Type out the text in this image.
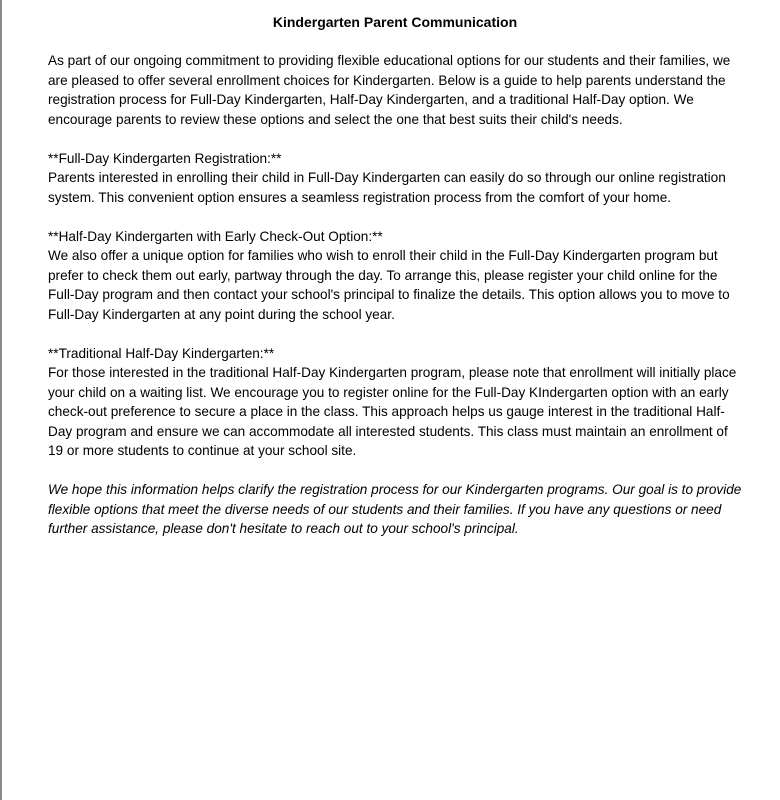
Kindergarten Parent Communication

As part of our ongoing commitment to providing flexible educational options for our students and their families, we are pleased to offer several enrollment choices for Kindergarten. Below is a guide to help parents understand the registration process for Full-Day Kindergarten, Half-Day Kindergarten, and a traditional Half-Day option. We encourage parents to review these options and select the one that best suits their child's needs.

**Full-Day Kindergarten Registration:**
Parents interested in enrolling their child in Full-Day Kindergarten can easily do so through our online registration system. This convenient option ensures a seamless registration process from the comfort of your home.
**Half-Day Kindergarten with Early Check-Out Option:**
We also offer a unique option for families who wish to enroll their child in the Full-Day Kindergarten program but prefer to check them out early, partway through the day. To arrange this, please register your child online for the Full-Day program and then contact your school's principal to finalize the details. This option allows you to move to Full-Day Kindergarten at any point during the school year.
**Traditional Half-Day Kindergarten:**
For those interested in the traditional Half-Day Kindergarten program, please note that enrollment will initially place your child on a waiting list. We encourage you to register online for the Full-Day KIndergarten option with an early check-out preference to secure a place in the class. This approach helps us gauge interest in the traditional Half-Day program and ensure we can accommodate all interested students. This class must maintain an enrollment of 19 or more students to continue at your school site.

We hope this information helps clarify the registration process for our Kindergarten programs. Our goal is to provide flexible options that meet the diverse needs of our students and their families. If you have any questions or need further assistance, please don't hesitate to reach out to your school's principal.
